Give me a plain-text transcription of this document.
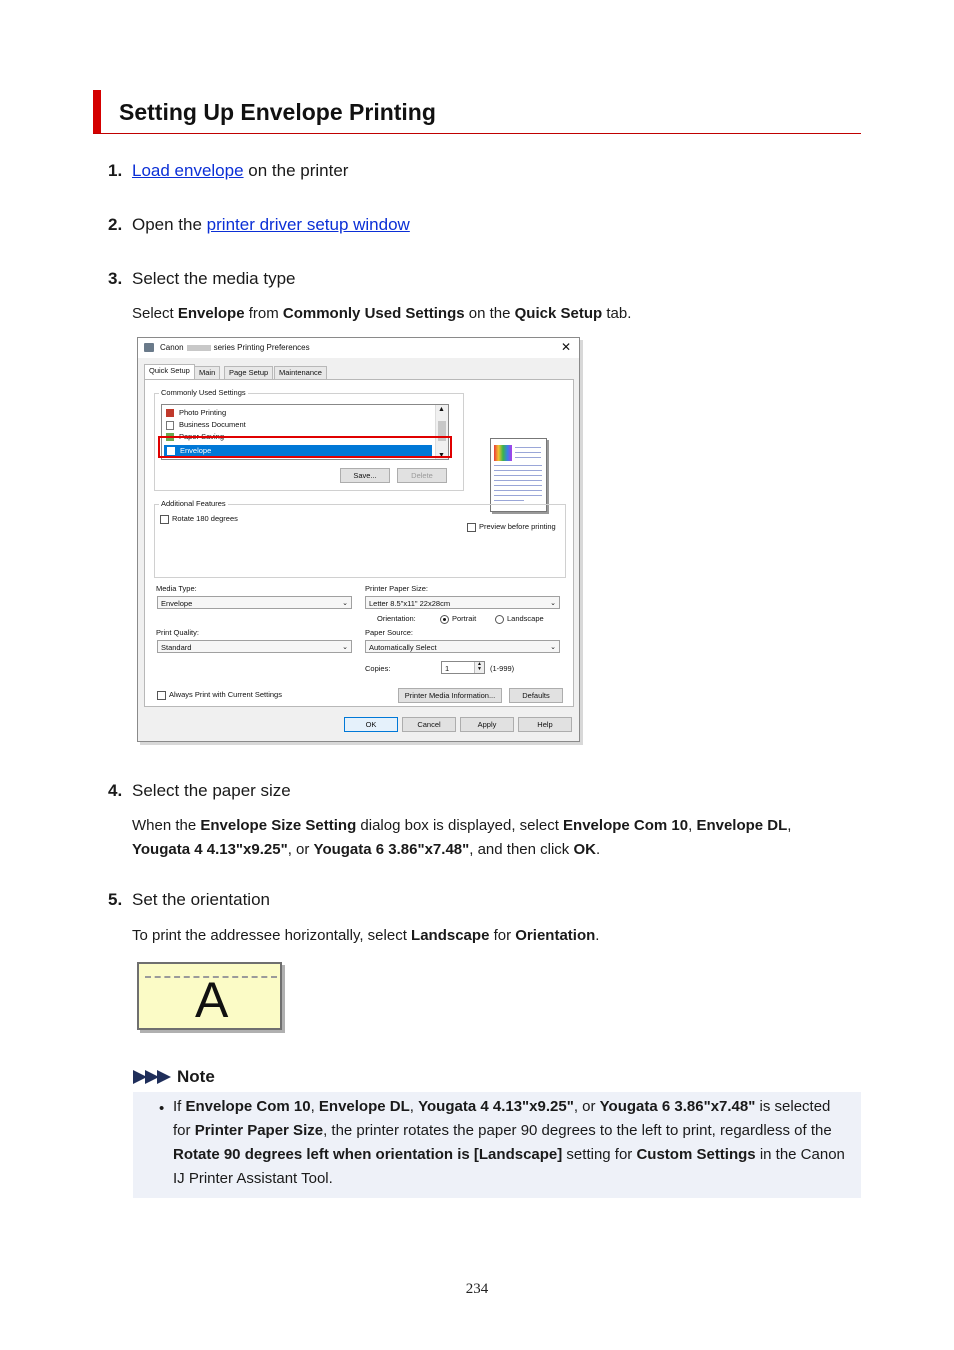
Setting Up Envelope Printing
1. Load envelope on the printer
2. Open the printer driver setup window
3. Select the media type
Select Envelope from Commonly Used Settings on the Quick Setup tab.
Canon	series Printing Preferences	✕
Quick Setup	Main	Page Setup	Maintenance
Commonly Used Settings
Photo Printing
Business Document
Paper Saving
Envelope
▲
▼
Save...	Delete
Preview before printing
Additional Features
Rotate 180 degrees
Media Type:
Envelope	⌄
Print Quality:
Standard	⌄
Printer Paper Size:
Letter 8.5"x11" 22x28cm	⌄
Orientation:	Portrait	Landscape
Paper Source:
Automatically Select	⌄
Copies:	1	▲
▼ (1-999)
Always Print with Current Settings	Printer Media Information...	Defaults
OK	Cancel	Apply	Help
4. Select the paper size
When the Envelope Size Setting dialog box is displayed, select Envelope Com 10, Envelope DL, Yougata 4 4.13"x9.25", or Yougata 6 3.86"x7.48", and then click OK.
5. Set the orientation
To print the addressee horizontally, select Landscape for Orientation.
A
Note
• If Envelope Com 10, Envelope DL, Yougata 4 4.13"x9.25", or Yougata 6 3.86"x7.48" is selected for Printer Paper Size, the printer rotates the paper 90 degrees to the left to print, regardless of the Rotate 90 degrees left when orientation is [Landscape] setting for Custom Settings in the Canon IJ Printer Assistant Tool.
234
